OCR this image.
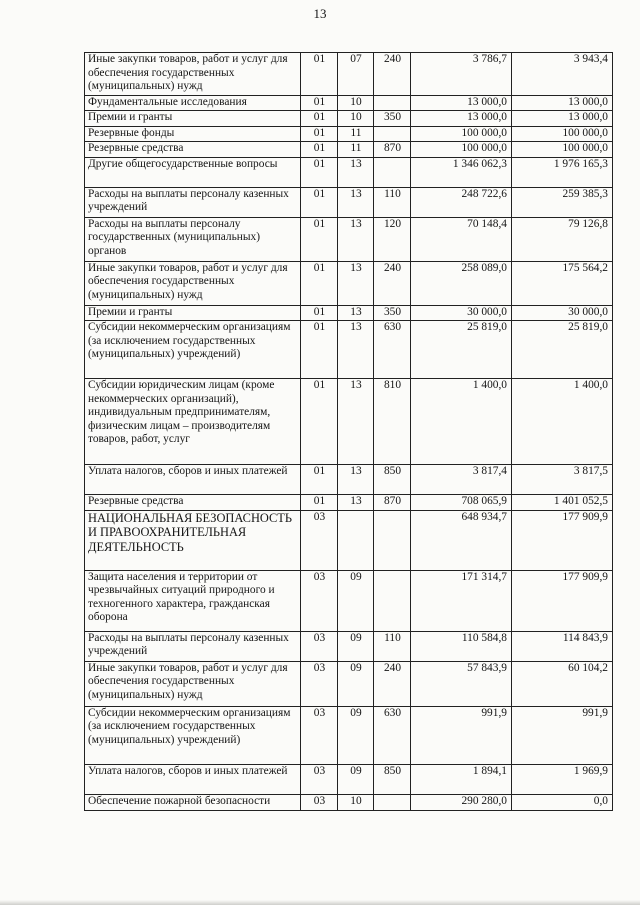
13
Иные закупки товаров, работ и услуг для обеспечения государственных (муниципальных) нужд	01	07	240	3 786,7	3 943,4
Фундаментальные исследования	01	10		13 000,0	13 000,0
Премии и гранты	01	10	350	13 000,0	13 000,0
Резервные фонды	01	11		100 000,0	100 000,0
Резервные средства	01	11	870	100 000,0	100 000,0
Другие общегосударственные вопросы	01	13		1 346 062,3	1 976 165,3
Расходы на выплаты персоналу казенных учреждений	01	13	110	248 722,6	259 385,3
Расходы на выплаты персоналу государственных (муниципальных) органов	01	13	120	70 148,4	79 126,8
Иные закупки товаров, работ и услуг для обеспечения государственных (муниципальных) нужд	01	13	240	258 089,0	175 564,2
Премии и гранты	01	13	350	30 000,0	30 000,0
Субсидии некоммерческим организациям (за исключением государственных (муниципальных) учреждений)	01	13	630	25 819,0	25 819,0
Субсидии юридическим лицам (кроме некоммерческих организаций), индивидуальным предпринимателям, физическим лицам – производителям товаров, работ, услуг	01	13	810	1 400,0	1 400,0
Уплата налогов, сборов и иных платежей	01	13	850	3 817,4	3 817,5
Резервные средства	01	13	870	708 065,9	1 401 052,5
НАЦИОНАЛЬНАЯ БЕЗОПАСНОСТЬ И ПРАВООХРАНИТЕЛЬНАЯ ДЕЯТЕЛЬНОСТЬ	03			648 934,7	177 909,9
Защита населения и территории от чрезвычайных ситуаций природного и техногенного характера, гражданская оборона	03	09		171 314,7	177 909,9
Расходы на выплаты персоналу казенных учреждений	03	09	110	110 584,8	114 843,9
Иные закупки товаров, работ и услуг для обеспечения государственных (муниципальных) нужд	03	09	240	57 843,9	60 104,2
Субсидии некоммерческим организациям (за исключением государственных (муниципальных) учреждений)	03	09	630	991,9	991,9
Уплата налогов, сборов и иных платежей	03	09	850	1 894,1	1 969,9
Обеспечение пожарной безопасности	03	10		290 280,0	0,0
